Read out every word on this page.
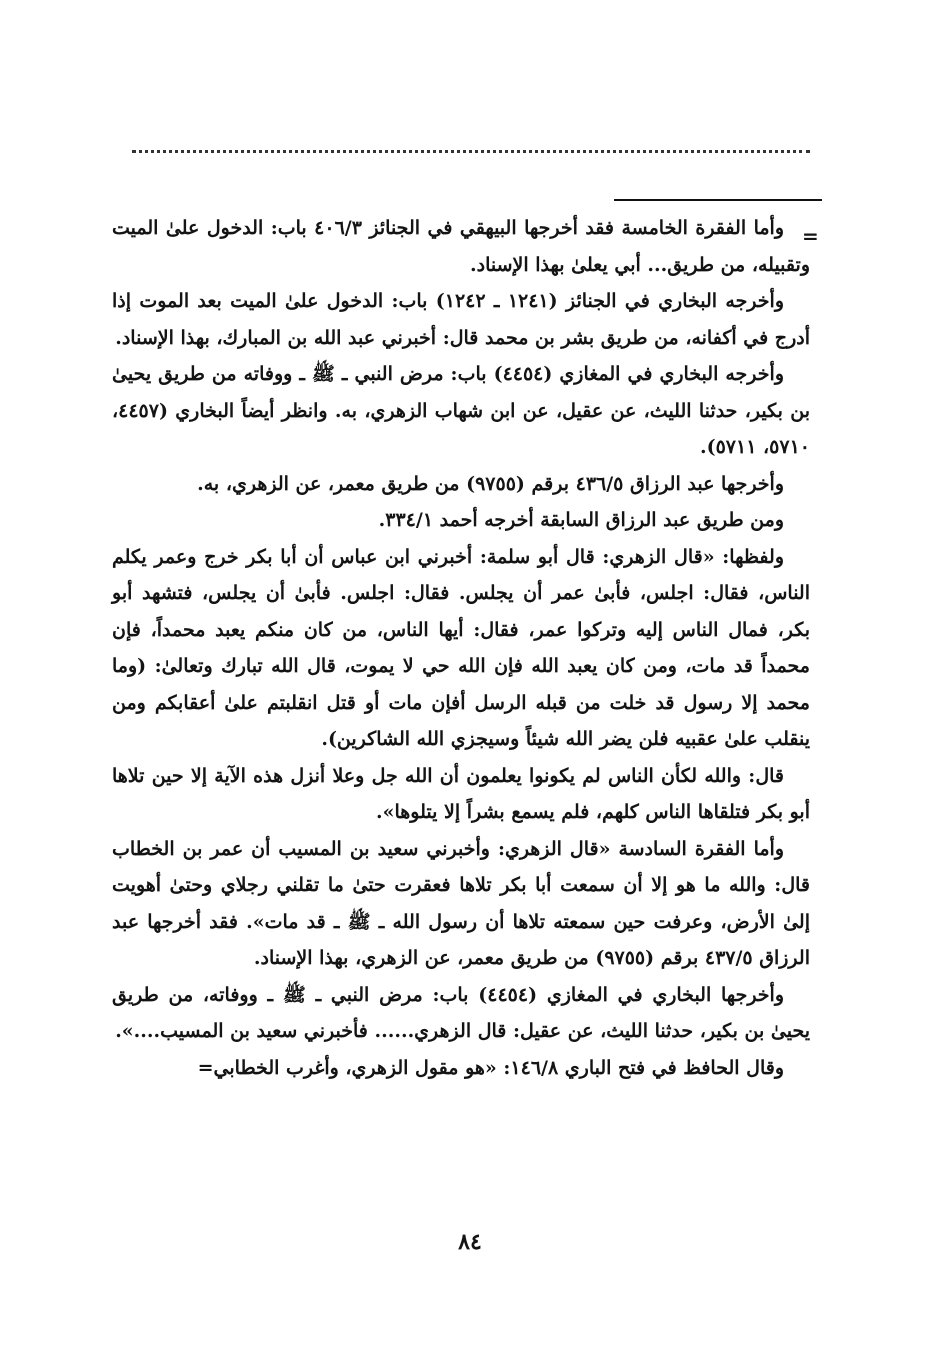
=

وأما الفقرة الخامسة فقد أخرجها البيهقي في الجنائز ٤٠٦/٣ باب: الدخول علىٰ الميت وتقبيله، من طريق... أبي يعلىٰ بهذا الإسناد.

وأخرجه البخاري في الجنائز (١٢٤١ ـ ١٢٤٢) باب: الدخول علىٰ الميت بعد الموت إذا أدرج في أكفانه، من طريق بشر بن محمد قال: أخبرني عبد الله بن المبارك، بهذا الإسناد.

وأخرجه البخاري في المغازي (٤٤٥٤) باب: مرض النبي ـ ﷺ ـ ووفاته من طريق يحيىٰ بن بكير، حدثنا الليث، عن عقيل، عن ابن شهاب الزهري، به. وانظر أيضاً البخاري (٤٤٥٧، ٥٧١٠، ٥٧١١).

وأخرجها عبد الرزاق ٤٣٦/٥ برقم (٩٧٥٥) من طريق معمر، عن الزهري، به.

ومن طريق عبد الرزاق السابقة أخرجه أحمد ٣٣٤/١.

ولفظها: «قال الزهري: قال أبو سلمة: أخبرني ابن عباس أن أبا بكر خرج وعمر يكلم الناس، فقال: اجلس، فأبىٰ عمر أن يجلس. فقال: اجلس. فأبىٰ أن يجلس، فتشهد أبو بكر، فمال الناس إليه وتركوا عمر، فقال: أيها الناس، من كان منكم يعبد محمداً، فإن محمداً قد مات، ومن كان يعبد الله فإن الله حي لا يموت، قال الله تبارك وتعالىٰ: (وما محمد إلا رسول قد خلت من قبله الرسل أفإن مات أو قتل انقلبتم علىٰ أعقابكم ومن ينقلب علىٰ عقبيه فلن يضر الله شيئاً وسيجزي الله الشاكرين).

قال: والله لكأن الناس لم يكونوا يعلمون أن الله جل وعلا أنزل هذه الآية إلا حين تلاها أبو بكر فتلقاها الناس كلهم، فلم يسمع بشراً إلا يتلوها».

وأما الفقرة السادسة «قال الزهري: وأخبرني سعيد بن المسيب أن عمر بن الخطاب قال: والله ما هو إلا أن سمعت أبا بكر تلاها فعقرت حتىٰ ما تقلني رجلاي وحتىٰ أهويت إلىٰ الأرض، وعرفت حين سمعته تلاها أن رسول الله ـ ﷺ ـ قد مات». فقد أخرجها عبد الرزاق ٤٣٧/٥ برقم (٩٧٥٥) من طريق معمر، عن الزهري، بهذا الإسناد.

وأخرجها البخاري في المغازي (٤٤٥٤) باب: مرض النبي ـ ﷺ ـ ووفاته، من طريق يحيىٰ بن بكير، حدثنا الليث، عن عقيل: قال الزهري...... فأخبرني سعيد بن المسيب....».

وقال الحافظ في فتح الباري ١٤٦/٨: «هو مقول الزهري، وأغرب الخطابي=

٨٤
